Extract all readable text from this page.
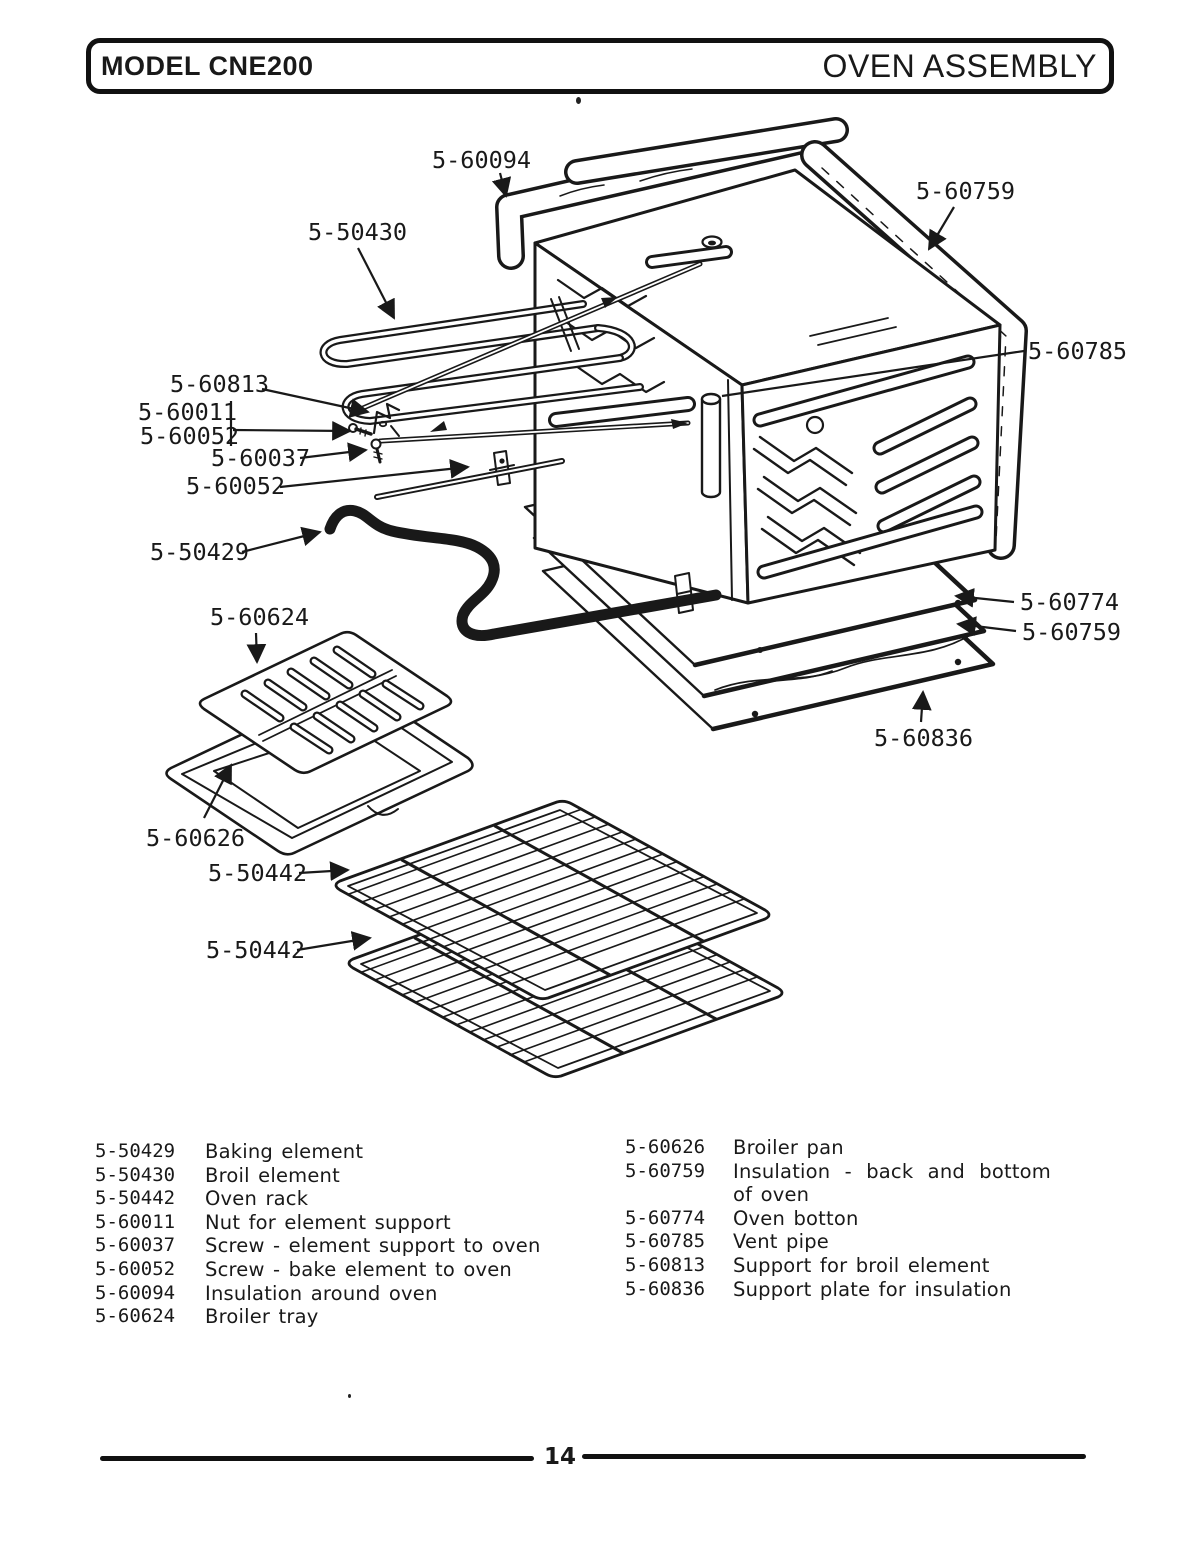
MODEL CNE200	OVEN ASSEMBLY
5-60094
5-60759
5-50430
5-60785
5-60813
5-60011
5-60052
5-60037
5-60052
5-50429
5-60774
5-60759
5-60624
5-60836
5-60626
5-50442
5-50442
5-50429	Baking element
5-50430	Broil element
5-50442	Oven rack
5-60011	Nut for element support
5-60037	Screw - element support to oven
5-60052	Screw - bake element to oven
5-60094	Insulation around oven
5-60624	Broiler tray
5-60626	Broiler pan
5-60759	Insulation - back and bottom of oven
5-60774	Oven botton
5-60785	Vent pipe
5-60813	Support for broil element
5-60836	Support plate for insulation
14
